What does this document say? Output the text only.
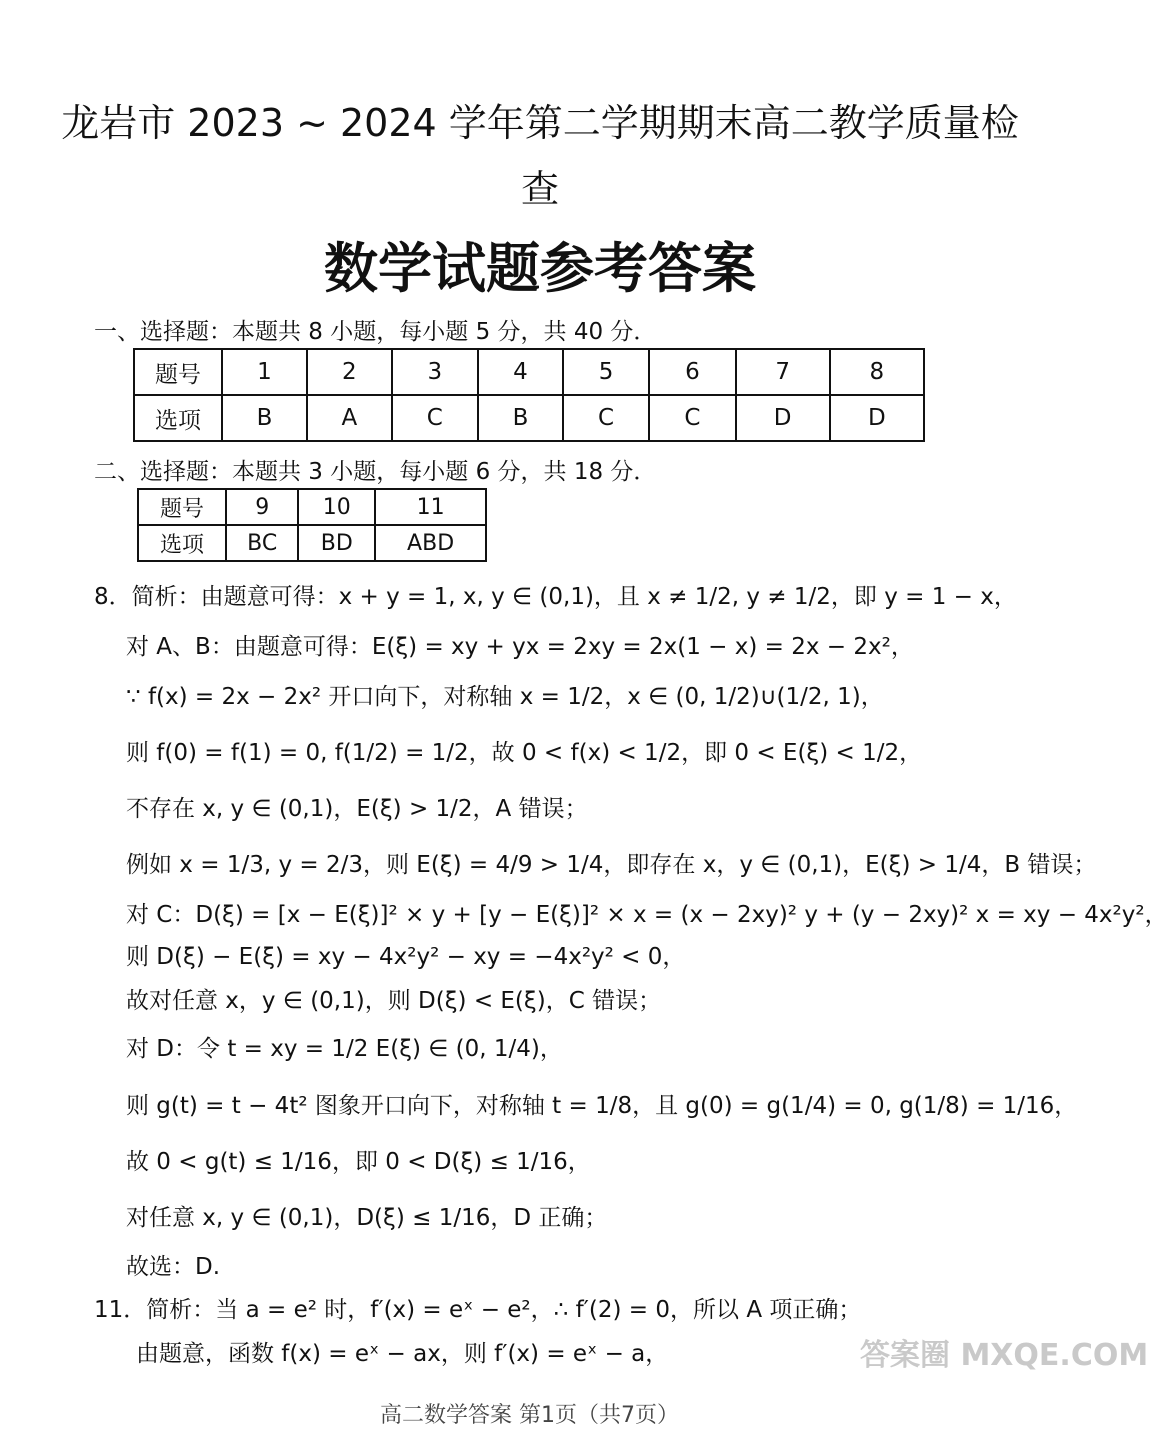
龙岩市 2023 ~ 2024 学年第二学期期末高二教学质量检
查
数学试题参考答案
一、选择题：本题共 8 小题，每小题 5 分，共 40 分．
题号	1	2	3	4	5	6	7	8
选项	B	A	C	B	C	C	D	D
二、选择题：本题共 3 小题，每小题 6 分，共 18 分．
题号	9	10	11
选项	BC	BD	ABD
8．简析：由题意可得：x + y = 1, x, y ∈ (0,1)，且 x ≠ 1/2, y ≠ 1/2，即 y = 1 − x，
对 A、B：由题意可得：E(ξ) = xy + yx = 2xy = 2x(1 − x) = 2x − 2x²，
∵ f(x) = 2x − 2x² 开口向下，对称轴 x = 1/2，x ∈ (0, 1/2)∪(1/2, 1)，
则 f(0) = f(1) = 0, f(1/2) = 1/2，故 0 < f(x) < 1/2，即 0 < E(ξ) < 1/2，
不存在 x, y ∈ (0,1)，E(ξ) > 1/2，A 错误；
例如 x = 1/3, y = 2/3，则 E(ξ) = 4/9 > 1/4，即存在 x，y ∈ (0,1)，E(ξ) > 1/4，B 错误；
对 C：D(ξ) = [x − E(ξ)]² × y + [y − E(ξ)]² × x = (x − 2xy)² y + (y − 2xy)² x = xy − 4x²y²，
则 D(ξ) − E(ξ) = xy − 4x²y² − xy = −4x²y² < 0，
故对任意 x，y ∈ (0,1)，则 D(ξ) < E(ξ)，C 错误；
对 D：令 t = xy = 1/2 E(ξ) ∈ (0, 1/4)，
则 g(t) = t − 4t² 图象开口向下，对称轴 t = 1/8，且 g(0) = g(1/4) = 0, g(1/8) = 1/16，
故 0 < g(t) ≤ 1/16，即 0 < D(ξ) ≤ 1/16，
对任意 x, y ∈ (0,1)，D(ξ) ≤ 1/16，D 正确；
故选：D.
11．简析：当 a = e² 时，f′(x) = eˣ − e²，∴ f′(2) = 0，所以 A 项正确；
由题意，函数 f(x) = eˣ − ax，则 f′(x) = eˣ − a，	答案圈 MXQE.COM
高二数学答案 第1页（共7页）
